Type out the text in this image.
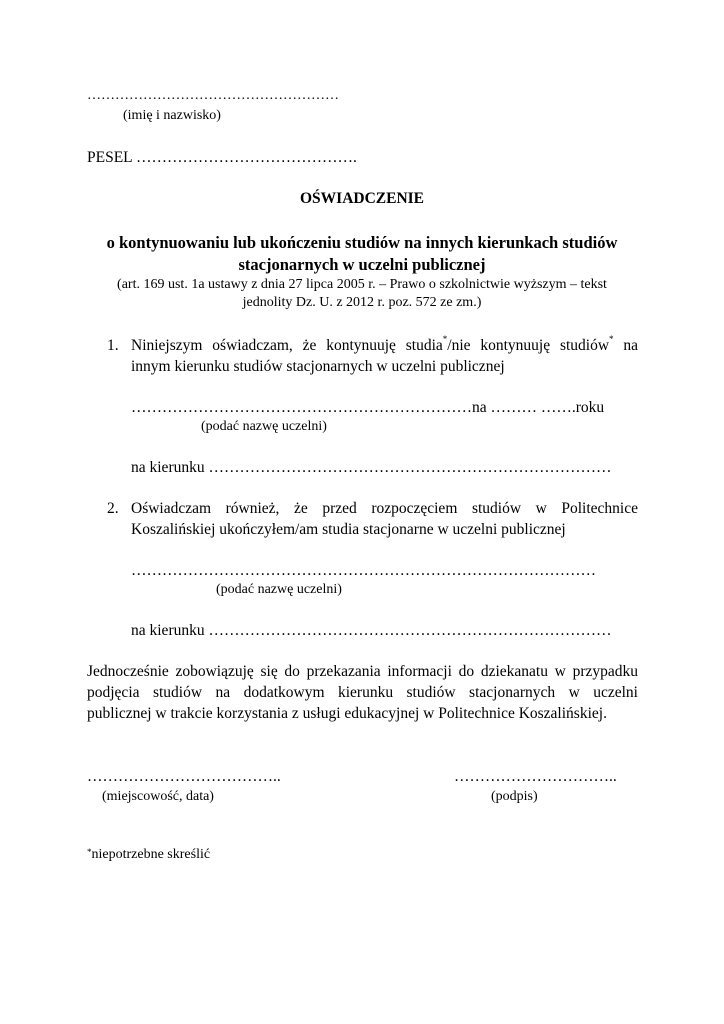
………………………………………………
(imię i nazwisko)
PESEL …………………………………….
OŚWIADCZENIE
o kontynuowaniu lub ukończeniu studiów na innych kierunkach studiów
stacjonarnych w uczelni publicznej
(art. 169 ust. 1a ustawy z dnia 27 lipca 2005 r. – Prawo o szkolnictwie wyższym – tekst
jednolity Dz. U. z 2012 r. poz. 572 ze zm.)
1. Niniejszym oświadczam, że kontynuuję studia*/nie kontynuuję studiów* na
innym kierunku studiów stacjonarnych w uczelni publicznej
…………………………………………………………na ……… …….roku
(podać nazwę uczelni)
na kierunku ……………………………………………………………………
2. Oświadczam również, że przed rozpoczęciem studiów w Politechnice
Koszalińskiej ukończyłem/am studia stacjonarne w uczelni publicznej
………………………………………………………………………………
(podać nazwę uczelni)
na kierunku ……………………………………………………………………
Jednocześnie zobowiązuję się do przekazania informacji do dziekanatu w przypadku
podjęcia studiów na dodatkowym kierunku studiów stacjonarnych w uczelni
publicznej w trakcie korzystania z usługi edukacyjnej w Politechnice Koszalińskiej.
………………………………..
(miejscowość, data)
…………………………..
(podpis)
*niepotrzebne skreślić
